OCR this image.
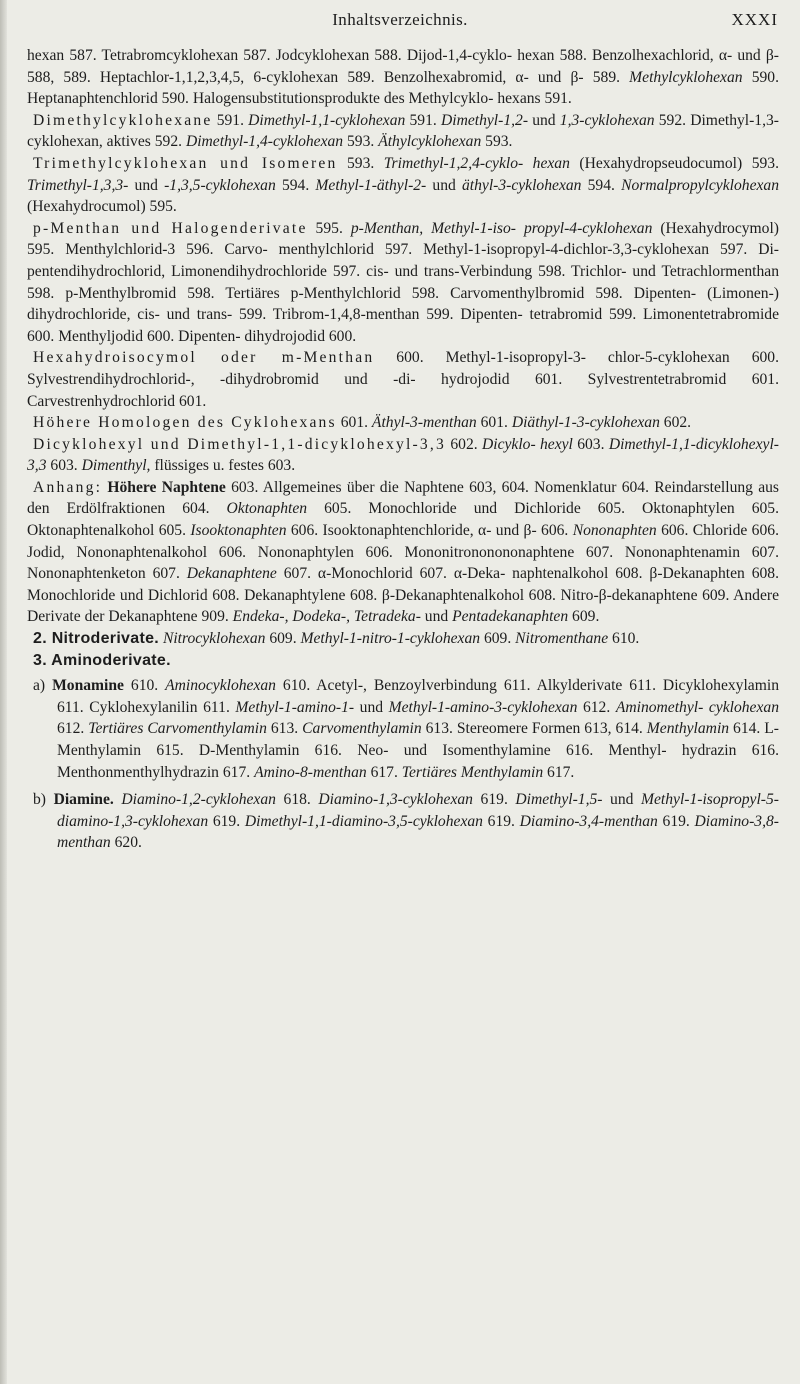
Inhaltsverzeichnis.	XXXI

hexan 587. Tetrabromcyklohexan 587. Jodcyklohexan 588. Dijod-1,4-cyklo- hexan 588. Benzolhexachlorid, α- und β- 588, 589. Heptachlor-1,1,2,3,4,5, 6-cyklohexan 589. Benzolhexabromid, α- und β- 589. Methylcyklohexan 590. Heptanaphtenchlorid 590. Halogensubstitutionsprodukte des Methylcyklo- hexans 591.

Dimethylcyklohexane 591. Dimethyl-1,1-cyklohexan 591. Dimethyl-1,2- und 1,3-cyklohexan 592. Dimethyl-1,3-cyklohexan, aktives 592. Dimethyl-1,4-cyklohexan 593. Äthylcyklohexan 593.

Trimethylcyklohexan und Isomeren 593. Trimethyl-1,2,4-cyklo- hexan (Hexahydropseudocumol) 593. Trimethyl-1,3,3- und -1,3,5-cyklohexan 594. Methyl-1-äthyl-2- und äthyl-3-cyklohexan 594. Normalpropylcyklohexan (Hexahydrocumol) 595.

p-Menthan und Halogenderivate 595. p-Menthan, Methyl-1-iso- propyl-4-cyklohexan (Hexahydrocymol) 595. Menthylchlorid-3 596. Carvo- menthylchlorid 597. Methyl-1-isopropyl-4-dichlor-3,3-cyklohexan 597. Di- pentendihydrochlorid, Limonendihydrochloride 597. cis- und trans-Verbindung 598. Trichlor- und Tetrachlormenthan 598. p-Menthylbromid 598. Tertiäres p-Menthylchlorid 598. Carvomenthylbromid 598. Dipenten- (Limonen-) dihydrochloride, cis- und trans- 599. Tribrom-1,4,8-menthan 599. Dipenten- tetrabromid 599. Limonentetrabromide 600. Menthyljodid 600. Dipenten- dihydrojodid 600.

Hexahydroisocymol oder m-Menthan 600. Methyl-1-isopropyl-3- chlor-5-cyklohexan 600. Sylvestrendihydrochlorid-, -dihydrobromid und -di- hydrojodid 601. Sylvestrentetrabromid 601. Carvestrenhydrochlorid 601.

Höhere Homologen des Cyklohexans 601. Äthyl-3-menthan 601. Diäthyl-1-3-cyklohexan 602.

Dicyklohexyl und Dimethyl-1,1-dicyklohexyl-3,3 602. Dicyklo- hexyl 603. Dimethyl-1,1-dicyklohexyl-3,3 603. Dimenthyl, flüssiges u. festes 603.

Anhang: Höhere Naphtene 603. Allgemeines über die Naphtene 603, 604. Nomenklatur 604. Reindarstellung aus den Erdölfraktionen 604. Oktonaphten 605. Monochloride und Dichloride 605. Oktonaphtylen 605. Oktonaphtenalkohol 605. Isooktonaphten 606. Isooktonaphtenchloride, α- und β- 606. Nononaphten 606. Chloride 606. Jodid, Nononaphtenalkohol 606. Nononaphtylen 606. Mononitrononononaphtene 607. Nononaphtenamin 607. Nononaphtenketon 607. Dekanaphtene 607. α-Monochlorid 607. α-Deka- naphtenalkohol 608. β-Dekanaphten 608. Monochloride und Dichlorid 608. Dekanaphtylene 608. β-Dekanaphtenalkohol 608. Nitro-β-dekanaphtene 609. Andere Derivate der Dekanaphtene 909. Endeka-, Dodeka-, Tetradeka- und Pentadekanaphten 609.

2. Nitroderivate. Nitrocyklohexan 609. Methyl-1-nitro-1-cyklohexan 609. Nitromenthane 610.

3. Aminoderivate.

a) Monamine 610. Aminocyklohexan 610. Acetyl-, Benzoylverbindung 611. Alkylderivate 611. Dicyklohexylamin 611. Cyklohexylanilin 611. Methyl-1-amino-1- und Methyl-1-amino-3-cyklohexan 612. Aminomethyl- cyklohexan 612. Tertiäres Carvomenthylamin 613. Carvomenthylamin 613. Stereomere Formen 613, 614. Menthylamin 614. L-Menthylamin 615. D-Menthylamin 616. Neo- und Isomenthylamine 616. Menthyl- hydrazin 616. Menthonmenthylhydrazin 617. Amino-8-menthan 617. Tertiäres Menthylamin 617.

b) Diamine. Diamino-1,2-cyklohexan 618. Diamino-1,3-cyklohexan 619. Dimethyl-1,5- und Methyl-1-isopropyl-5-diamino-1,3-cyklohexan 619. Dimethyl-1,1-diamino-3,5-cyklohexan 619. Diamino-3,4-menthan 619. Diamino-3,8-menthan 620.
